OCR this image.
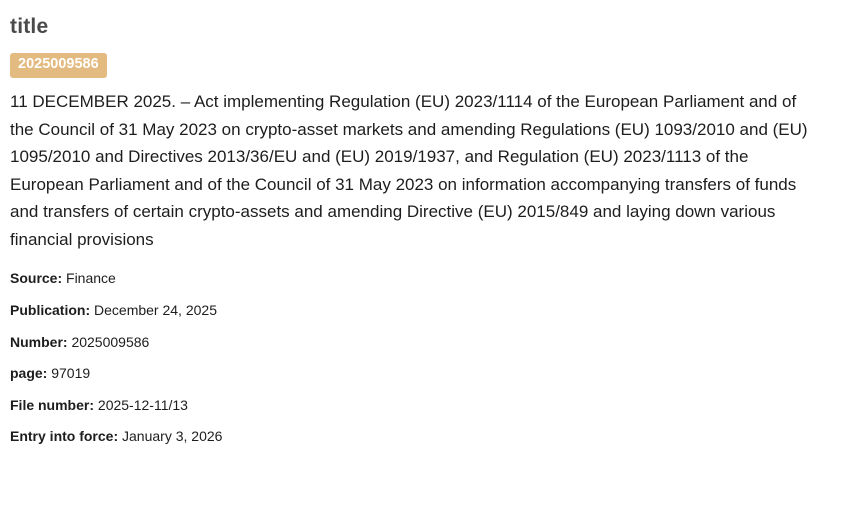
title
2025009586

11 DECEMBER 2025. – Act implementing Regulation (EU) 2023/1114 of the European Parliament and of the Council of 31 May 2023 on crypto-asset markets and amending Regulations (EU) 1093/2010 and (EU) 1095/2010 and Directives 2013/36/EU and (EU) 2019/1937, and Regulation (EU) 2023/1113 of the European Parliament and of the Council of 31 May 2023 on information accompanying transfers of funds and transfers of certain crypto-assets and amending Directive (EU) 2015/849 and laying down various financial provisions

Source: Finance
Publication: December 24, 2025
Number: 2025009586
page: 97019
File number: 2025-12-11/13
Entry into force: January 3, 2026
